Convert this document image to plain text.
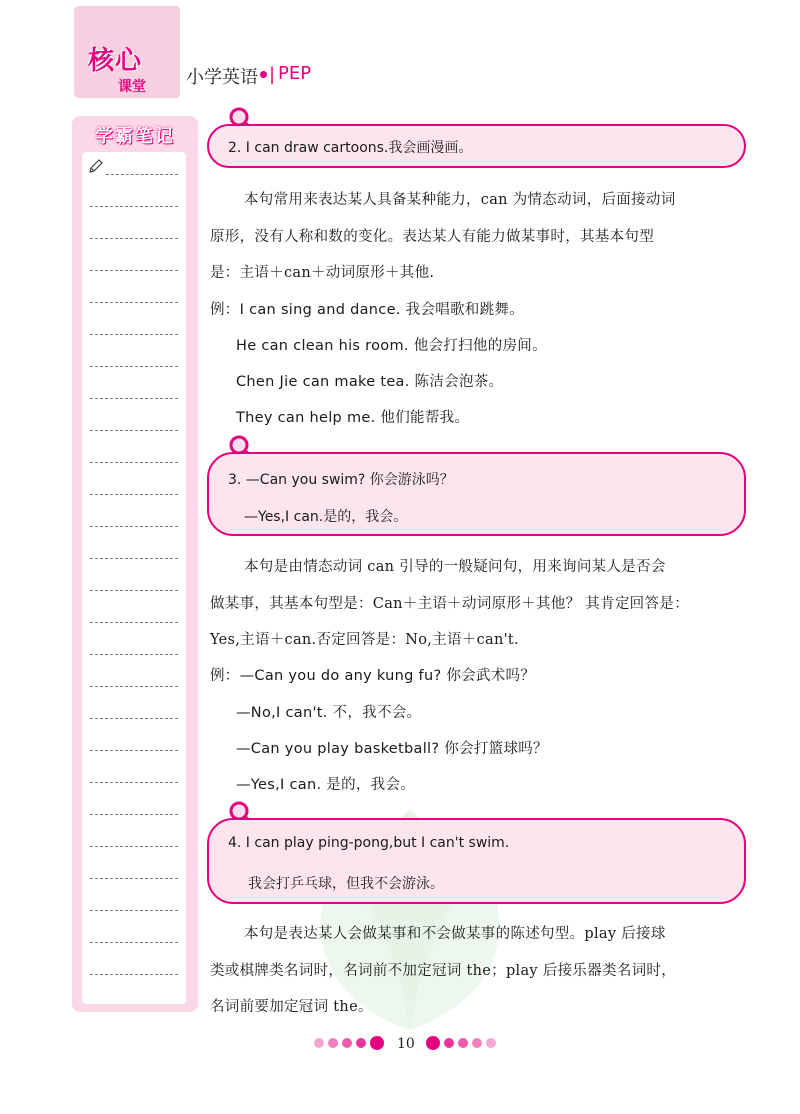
核心
课堂 小学英语 | PEP
学霸笔记
2. I can draw cartoons.我会画漫画。
本句常用来表达某人具备某种能力，can 为情态动词，后面接动词
原形，没有人称和数的变化。表达某人有能力做某事时，其基本句型
是：主语＋can＋动词原形＋其他.
例：I can sing and dance. 我会唱歌和跳舞。
He can clean his room. 他会打扫他的房间。
Chen Jie can make tea. 陈洁会泡茶。
They can help me. 他们能帮我。
3. —Can you swim? 你会游泳吗？
—Yes,I can.是的，我会。
本句是由情态动词 can 引导的一般疑问句，用来询问某人是否会
做某事，其基本句型是：Can＋主语＋动词原形＋其他？ 其肯定回答是：
Yes,主语＋can.否定回答是：No,主语＋can't.
例：—Can you do any kung fu? 你会武术吗？
—No,I can't. 不，我不会。
—Can you play basketball? 你会打篮球吗？
—Yes,I can. 是的，我会。
4. I can play ping-pong,but I can't swim.
我会打乒乓球，但我不会游泳。
本句是表达某人会做某事和不会做某事的陈述句型。play 后接球
类或棋牌类名词时，名词前不加定冠词 the；play 后接乐器类名词时，
名词前要加定冠词 the。
10
